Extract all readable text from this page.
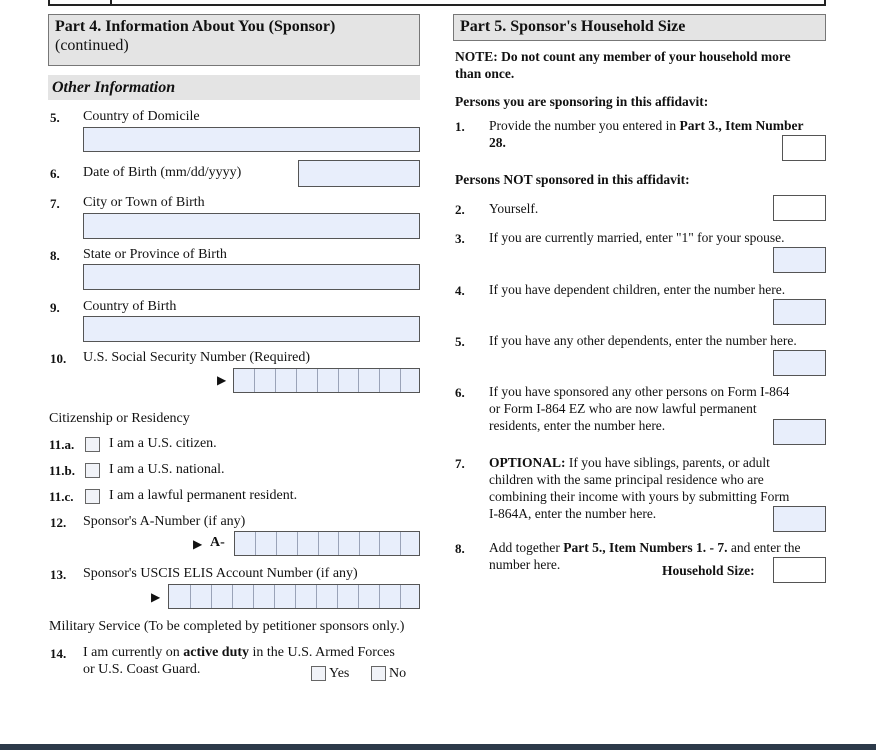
Part 4. Information About You (Sponsor)
(continued)
Other Information
5. Country of Domicile
6. Date of Birth (mm/dd/yyyy)
7. City or Town of Birth
8. State or Province of Birth
9. Country of Birth
10. U.S. Social Security Number (Required)
▶
Citizenship or Residency
11.a. I am a U.S. citizen.
11.b. I am a U.S. national.
11.c.	I am a lawful permanent resident.
12. Sponsor's A-Number (if any)
▶ A-
13. Sponsor's USCIS ELIS Account Number (if any)
▶
Military Service (To be completed by petitioner sponsors only.)
14. I am currently on active duty in the U.S. Armed Forces
or U.S. Coast Guard.	Yes	No
Part 5. Sponsor's Household Size
NOTE: Do not count any member of your household more
than once.
Persons you are sponsoring in this affidavit:
1. Provide the number you entered in Part 3., Item Number
28.
Persons NOT sponsored in this affidavit:
2. Yourself.
3. If you are currently married, enter "1" for your spouse.
4. If you have dependent children, enter the number here.
5. If you have any other dependents, enter the number here.
6. If you have sponsored any other persons on Form I-864
or Form I-864 EZ who are now lawful permanent
residents, enter the number here.
7. OPTIONAL: If you have siblings, parents, or adult
children with the same principal residence who are
combining their income with yours by submitting Form
I-864A, enter the number here.
8. Add together Part 5., Item Numbers 1. - 7. and enter the
number here.	Household Size:
